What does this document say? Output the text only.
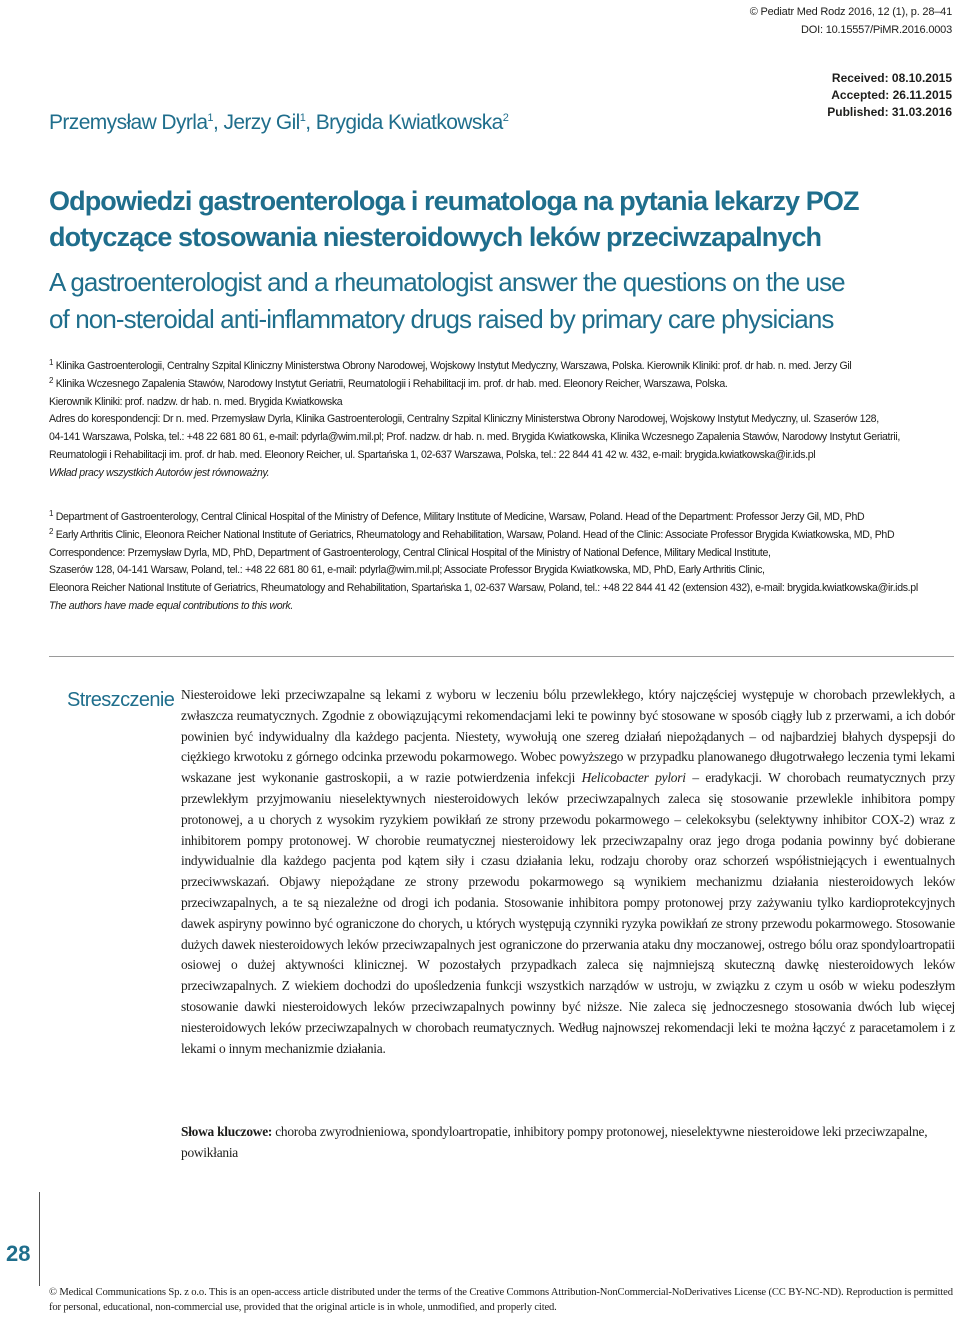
© Pediatr Med Rodz 2016, 12 (1), p. 28–41
DOI: 10.15557/PiMR.2016.0003
Przemysław Dyrla$^1$, Jerzy Gil$^1$, Brygida Kwiatkowska$^2$
Received: 08.10.2015
Accepted: 26.11.2015
Published: 31.03.2016
Odpowiedzi gastroenterologa i reumatologa na pytania lekarzy POZ
dotyczące stosowania niesteroidowych leków przeciwzapalnych
A gastroenterologist and a rheumatologist answer the questions on the use
of non-steroidal anti-inflammatory drugs raised by primary care physicians

$^1$ Klinika Gastroenterologii, Centralny Szpital Kliniczny Ministerstwa Obrony Narodowej, Wojskowy Instytut Medyczny, Warszawa, Polska. Kierownik Kliniki: prof. dr hab. n. med. Jerzy Gil

$^2$ Klinika Wczesnego Zapalenia Stawów, Narodowy Instytut Geriatrii, Reumatologii i Rehabilitacji im. prof. dr hab. med. Eleonory Reicher, Warszawa, Polska.

Kierownik Kliniki: prof. nadzw. dr hab. n. med. Brygida Kwiatkowska

Adres do korespondencji: Dr n. med. Przemysław Dyrla, Klinika Gastroenterologii, Centralny Szpital Kliniczny Ministerstwa Obrony Narodowej, Wojskowy Instytut Medyczny, ul. Szaserów 128,

04-141 Warszawa, Polska, tel.: +48 22 681 80 61, e-mail: pdyrla@wim.mil.pl; Prof. nadzw. dr hab. n. med. Brygida Kwiatkowska, Klinika Wczesnego Zapalenia Stawów, Narodowy Instytut Geriatrii,

Reumatologii i Rehabilitacji im. prof. dr hab. med. Eleonory Reicher, ul. Spartańska 1, 02-637 Warszawa, Polska, tel.: 22 844 41 42 w. 432, e-mail: brygida.kwiatkowska@ir.ids.pl

Wkład pracy wszystkich Autorów jest równoważny.

$^1$ Department of Gastroenterology, Central Clinical Hospital of the Ministry of Defence, Military Institute of Medicine, Warsaw, Poland. Head of the Department: Professor Jerzy Gil, MD, PhD

$^2$ Early Arthritis Clinic, Eleonora Reicher National Institute of Geriatrics, Rheumatology and Rehabilitation, Warsaw, Poland. Head of the Clinic: Associate Professor Brygida Kwiatkowska, MD, PhD

Correspondence: Przemysław Dyrla, MD, PhD, Department of Gastroenterology, Central Clinical Hospital of the Ministry of National Defence, Military Medical Institute,

Szaserów 128, 04-141 Warsaw, Poland, tel.: +48 22 681 80 61, e-mail: pdyrla@wim.mil.pl; Associate Professor Brygida Kwiatkowska, MD, PhD, Early Arthritis Clinic,

Eleonora Reicher National Institute of Geriatrics, Rheumatology and Rehabilitation, Spartańska 1, 02-637 Warsaw, Poland, tel.: +48 22 844 41 42 (extension 432), e-mail: brygida.kwiatkowska@ir.ids.pl

The authors have made equal contributions to this work.

Streszczenie Niesteroidowe leki przeciwzapalne są lekami z wyboru w leczeniu bólu przewlekłego, który najczęściej występuje w chorobach przewlekłych, a zwłaszcza reumatycznych. Zgodnie z obowiązującymi rekomendacjami leki te powinny być stosowane w sposób ciągły lub z przerwami, a ich dobór powinien być indywidualny dla każdego pacjenta. Niestety, wywołują one szereg działań niepożądanych – od najbardziej błahych dyspepsji do ciężkiego krwotoku z górnego odcinka przewodu pokarmowego. Wobec powyższego w przypadku planowanego długotrwałego leczenia tymi lekami wskazane jest wykonanie gastroskopii, a w razie potwierdzenia infekcji Helicobacter pylori – eradykacji. W chorobach reumatycznych przy przewlekłym przyjmowaniu nieselektywnych niesteroidowych leków przeciwzapalnych zaleca się stosowanie przewlekle inhibitora pompy protonowej, a u chorych z wysokim ryzykiem powikłań ze strony przewodu pokarmowego – celekoksybu (selektywny inhibitor COX-2) wraz z inhibitorem pompy protonowej. W chorobie reumatycznej niesteroidowy lek przeciwzapalny oraz jego droga podania powinny być dobierane indywidualnie dla każdego pacjenta pod kątem siły i czasu działania leku, rodzaju choroby oraz schorzeń współistniejących i ewentualnych przeciwwskazań. Objawy niepożądane ze strony przewodu pokarmowego są wynikiem mechanizmu działania niesteroidowych leków przeciwzapalnych, a te są niezależne od drogi ich podania. Stosowanie inhibitora pompy protonowej przy zażywaniu tylko kardioprotekcyjnych dawek aspiryny powinno być ograniczone do chorych, u których występują czynniki ryzyka powikłań ze strony przewodu pokarmowego. Stosowanie dużych dawek niesteroidowych leków przeciwzapalnych jest ograniczone do przerwania ataku dny moczanowej, ostrego bólu oraz spondyloartropatii osiowej o dużej aktywności klinicznej. W pozostałych przypadkach zaleca się najmniejszą skuteczną dawkę niesteroidowych leków przeciwzapalnych. Z wiekiem dochodzi do upośledzenia funkcji wszystkich narządów w ustroju, w związku z czym u osób w wieku podeszłym stosowanie dawki niesteroidowych leków przeciwzapalnych powinny być niższe. Nie zaleca się jednoczesnego stosowania dwóch lub więcej niesteroidowych leków przeciwzapalnych w chorobach reumatycznych. Według najnowszej rekomendacji leki te można łączyć z paracetamolem i z lekami o innym mechanizmie działania.

Słowa kluczowe: choroba zwyrodnieniowa, spondyloartropatie, inhibitory pompy protonowej, nieselektywne niesteroidowe leki przeciwzapalne, powikłania
28
© Medical Communications Sp. z o.o. This is an open-access article distributed under the terms of the Creative Commons Attribution-NonCommercial-NoDerivatives License (CC BY-NC-ND). Reproduction is permitted for personal, educational, non-commercial use, provided that the original article is in whole, unmodified, and properly cited.
